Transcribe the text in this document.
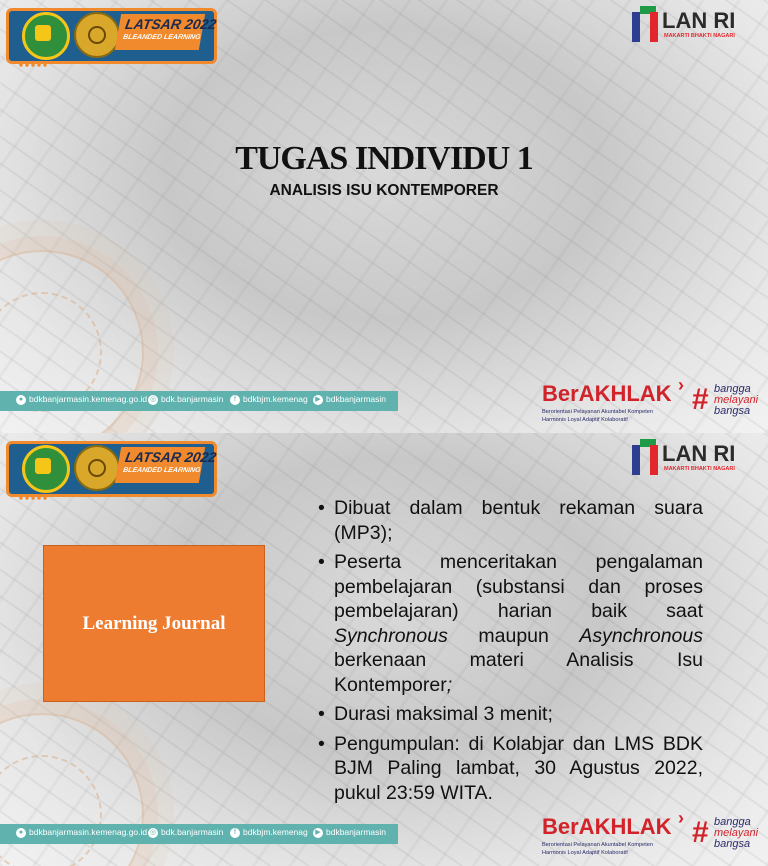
LATSAR 2022
BLEANDED LEARNING
LAN RI
MAKARTI BHAKTI NAGARI
TUGAS INDIVIDU 1
ANALISIS ISU KONTEMPORER
● bdkbanjarmasin.kemenag.go.id ◎ bdk.banjarmasin	f bdkbjm.kemenag	▶ bdkbanjarmasin	BerAKHLAK ›
Berorientasi Pelayanan Akuntabel Kompeten
Harmonis Loyal Adaptif Kolaboratif
# bangga
melayani
bangsa
LATSAR 2022
BLEANDED LEARNING
LAN RI
MAKARTI BHAKTI NAGARI
Learning Journal
• Dibuat dalam bentuk rekaman suara (MP3);
• Peserta menceritakan pengalaman pembelajaran (substansi dan proses pembelajaran) harian baik saat Synchronous maupun Asynchronous berkenaan materi Analisis Isu Kontemporer;
• Durasi maksimal 3 menit;
• Pengumpulan: di Kolabjar dan LMS BDK BJM Paling lambat, 30 Agustus 2022, pukul 23:59 WITA.
● bdkbanjarmasin.kemenag.go.id ◎ bdk.banjarmasin	f bdkbjm.kemenag	▶ bdkbanjarmasin	BerAKHLAK ›
Berorientasi Pelayanan Akuntabel Kompeten
Harmonis Loyal Adaptif Kolaboratif
# bangga
melayani
bangsa
